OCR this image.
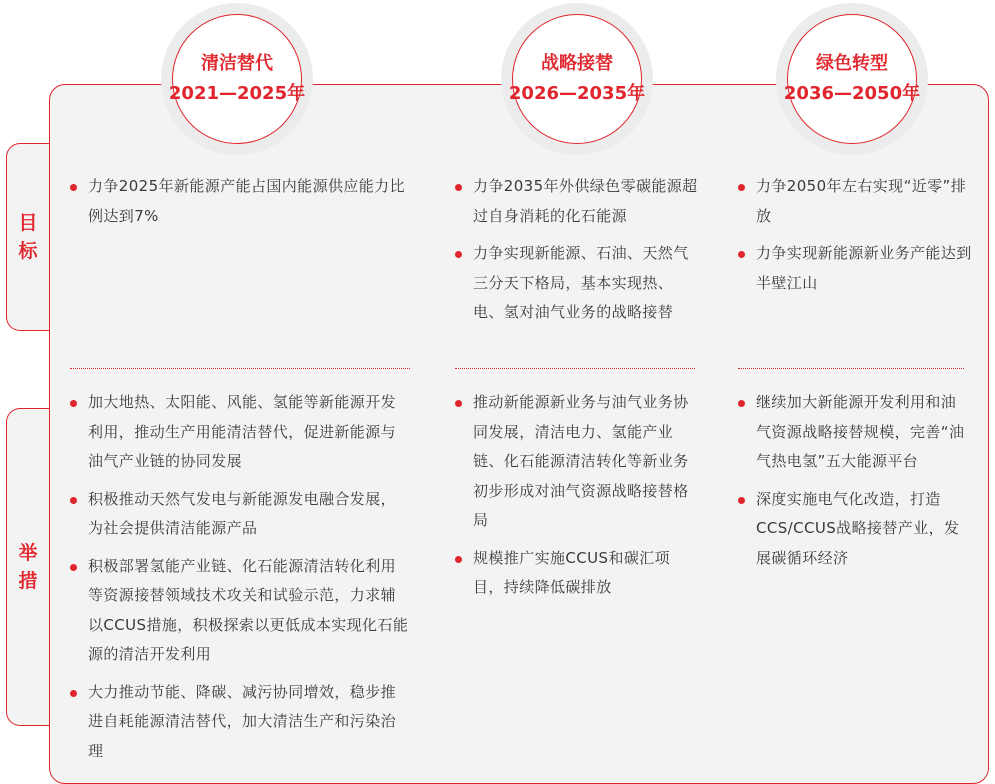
目标
举措
清洁替代
2021—2025年
战略接替
2026—2035年
绿色转型
2036—2050年
力争2025年新能源产能占国内能源供应能力比例达到7%
力争2035年外供绿色零碳能源超过自身消耗的化石能源
力争实现新能源、石油、天然气三分天下格局，基本实现热、电、氢对油气业务的战略接替
力争2050年左右实现“近零”排放
力争实现新能源新业务产能达到半壁江山
加大地热、太阳能、风能、氢能等新能源开发利用，推动生产用能清洁替代，促进新能源与油气产业链的协同发展
积极推动天然气发电与新能源发电融合发展，为社会提供清洁能源产品
积极部署氢能产业链、化石能源清洁转化利用等资源接替领域技术攻关和试验示范，力求辅以CCUS措施，积极探索以更低成本实现化石能源的清洁开发利用
大力推动节能、降碳、减污协同增效，稳步推进自耗能源清洁替代，加大清洁生产和污染治理
推动新能源新业务与油气业务协同发展，清洁电力、氢能产业链、化石能源清洁转化等新业务初步形成对油气资源战略接替格局
规模推广实施CCUS和碳汇项目，持续降低碳排放
继续加大新能源开发利用和油气资源战略接替规模，完善“油气热电氢”五大能源平台
深度实施电气化改造，打造CCS/CCUS战略接替产业，发展碳循环经济
